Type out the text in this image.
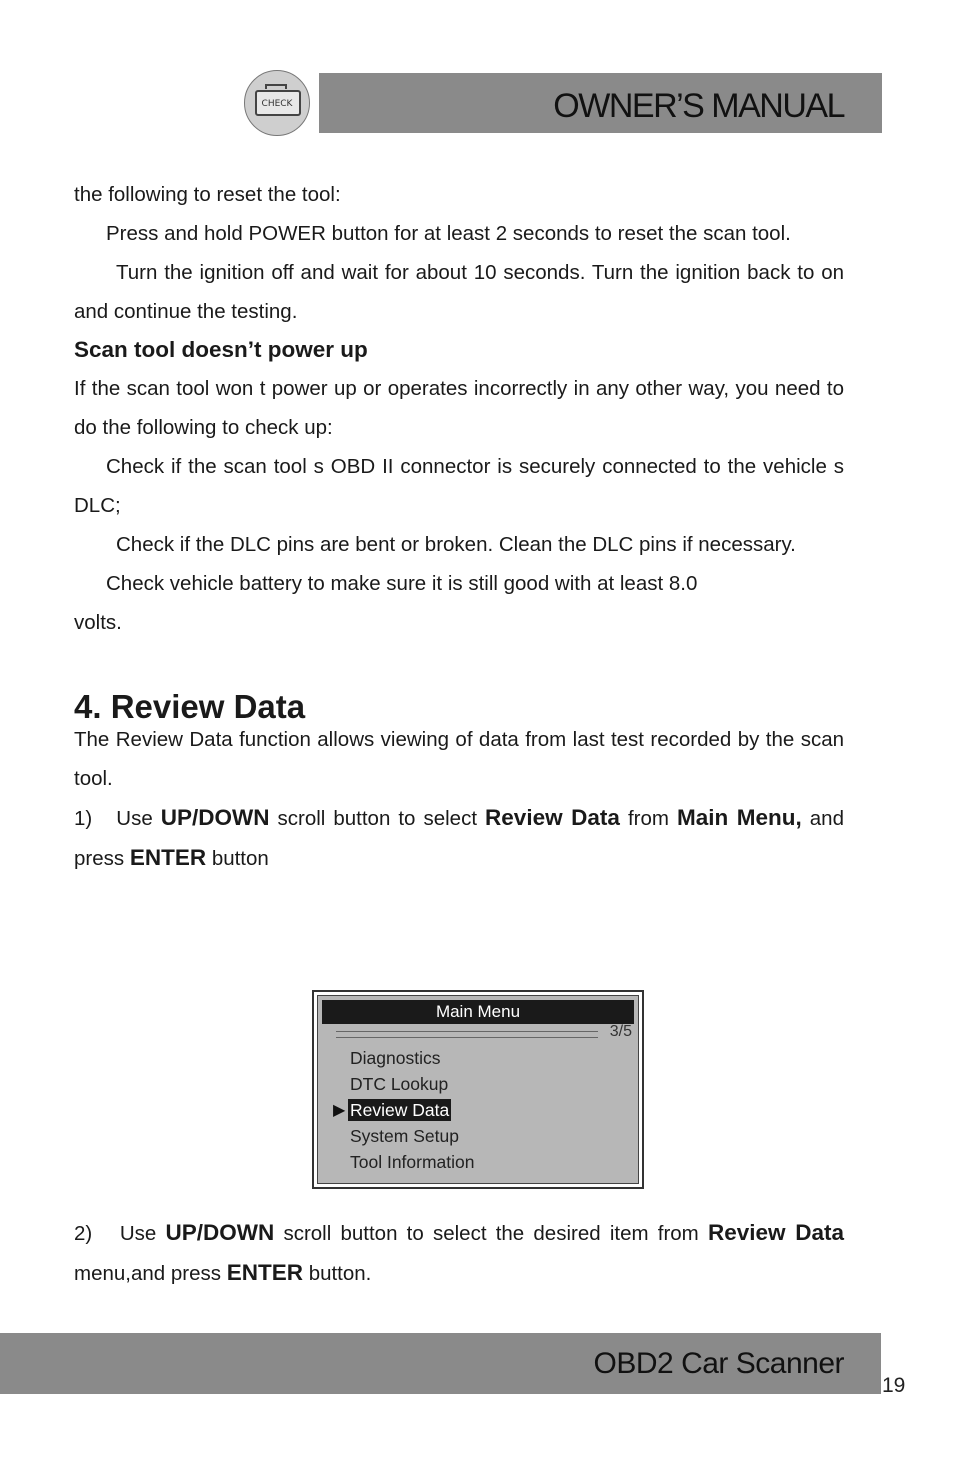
CHECK	OWNER’S MANUAL

the following to reset the tool:

Press and hold POWER button for at least 2 seconds to reset the scan tool.

Turn the ignition off and wait for about 10 seconds. Turn the ignition back to on and continue the testing.

Scan tool doesn’t power up

If the scan tool won t power up or operates incorrectly in any other way, you need to do the following to check up:

Check if the scan tool s OBD II connector is securely connected to the vehicle s DLC;

Check if the DLC pins are bent or broken. Clean the DLC pins if necessary.

Check vehicle battery to make sure it is still good with at least 8.0

volts.

4. Review Data

The Review Data function allows viewing of data from last test recorded by the scan tool.

1) Use UP/DOWN scroll button to select Review Data from Main Menu, and press ENTER button

Main Menu
3/5
Diagnostics
DTC Lookup
▶ Review Data
System Setup
Tool Information

2) Use UP/DOWN scroll button to select the desired item from Review Data menu,and press ENTER button.

OBD2 Car Scanner
19
